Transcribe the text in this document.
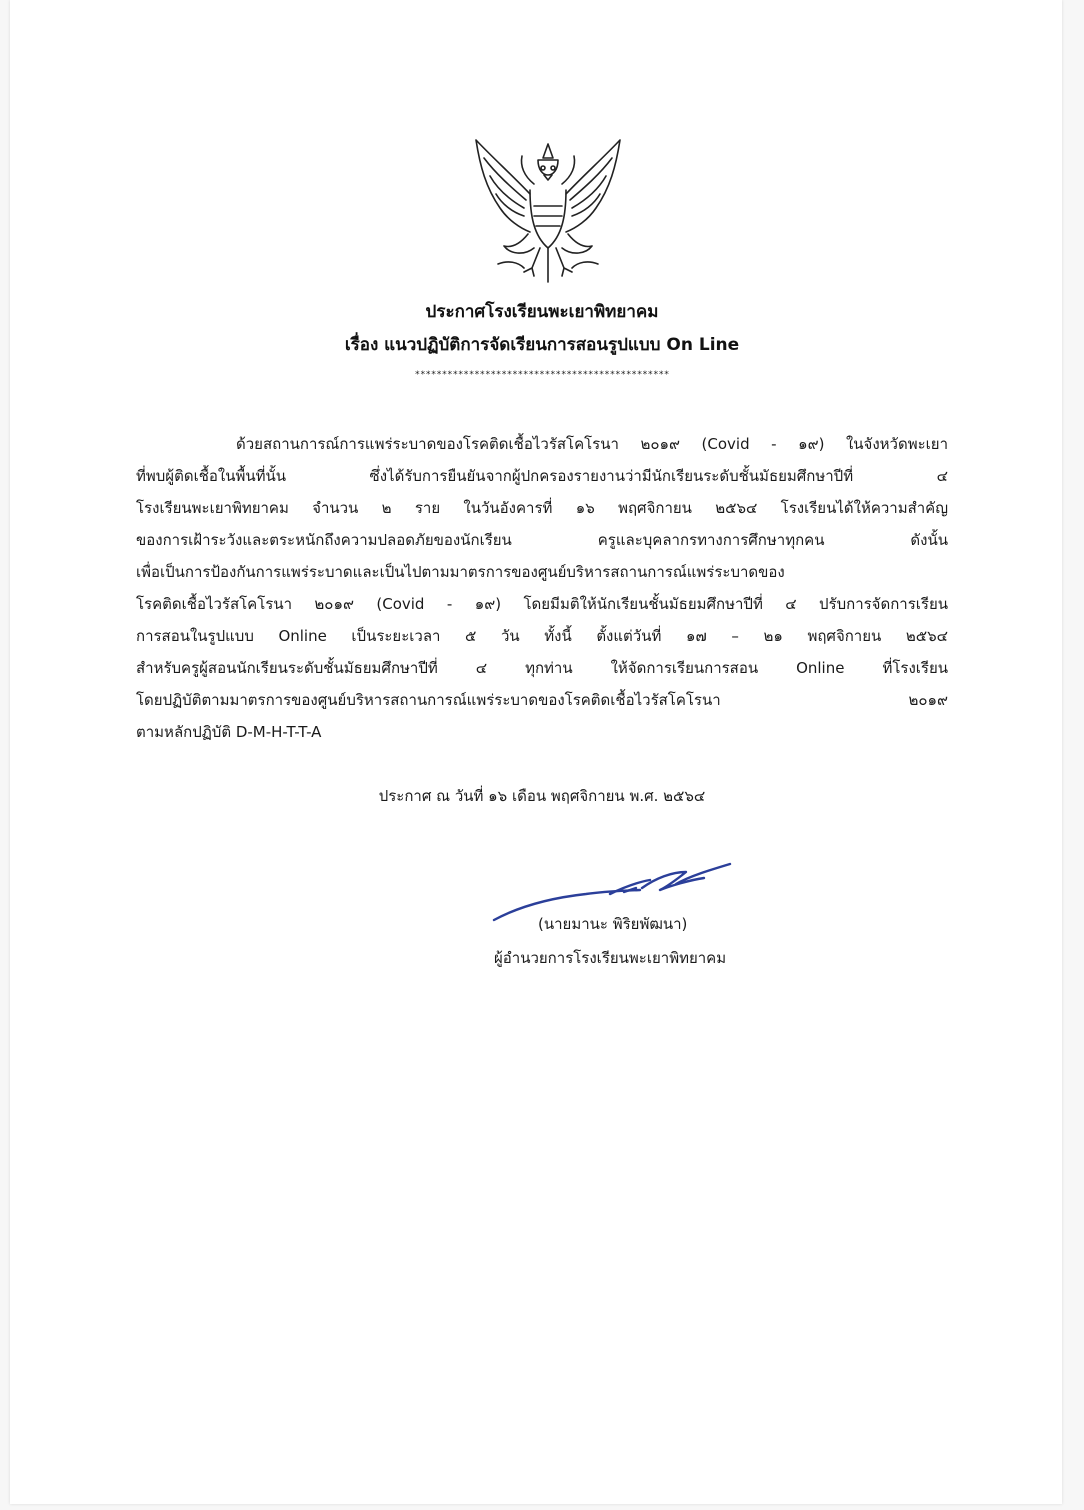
ประกาศโรงเรียนพะเยาพิทยาคม
เรื่อง แนวปฏิบัติการจัดเรียนการสอนรูปแบบ On Line
***********************************************
ด้วยสถานการณ์การแพร่ระบาดของโรคติดเชื้อไวรัสโคโรนา ๒๐๑๙ (Covid - ๑๙) ในจังหวัดพะเยา
ที่พบผู้ติดเชื้อในพื้นที่นั้น ซึ่งได้รับการยืนยันจากผู้ปกครองรายงานว่ามีนักเรียนระดับชั้นมัธยมศึกษาปีที่ ๔
โรงเรียนพะเยาพิทยาคม จำนวน ๒ ราย ในวันอังคารที่ ๑๖ พฤศจิกายน ๒๕๖๔ โรงเรียนได้ให้ความสำคัญ
ของการเฝ้าระวังและตระหนักถึงความปลอดภัยของนักเรียน ครูและบุคลากรทางการศึกษาทุกคน ดังนั้น
เพื่อเป็นการป้องกันการแพร่ระบาดและเป็นไปตามมาตรการของศูนย์บริหารสถานการณ์แพร่ระบาดของ
โรคติดเชื้อไวรัสโคโรนา ๒๐๑๙ (Covid - ๑๙) โดยมีมติให้นักเรียนชั้นมัธยมศึกษาปีที่ ๔ ปรับการจัดการเรียน
การสอนในรูปแบบ Online เป็นระยะเวลา ๕ วัน ทั้งนี้ ตั้งแต่วันที่ ๑๗ – ๒๑ พฤศจิกายน ๒๕๖๔
สำหรับครูผู้สอนนักเรียนระดับชั้นมัธยมศึกษาปีที่ ๔ ทุกท่าน ให้จัดการเรียนการสอน Online ที่โรงเรียน
โดยปฏิบัติตามมาตรการของศูนย์บริหารสถานการณ์แพร่ระบาดของโรคติดเชื้อไวรัสโคโรนา ๒๐๑๙
ตามหลักปฏิบัติ D-M-H-T-T-A
ประกาศ ณ วันที่ ๑๖ เดือน พฤศจิกายน พ.ศ. ๒๕๖๔
(นายมานะ พิริยพัฒนา)
ผู้อำนวยการโรงเรียนพะเยาพิทยาคม
